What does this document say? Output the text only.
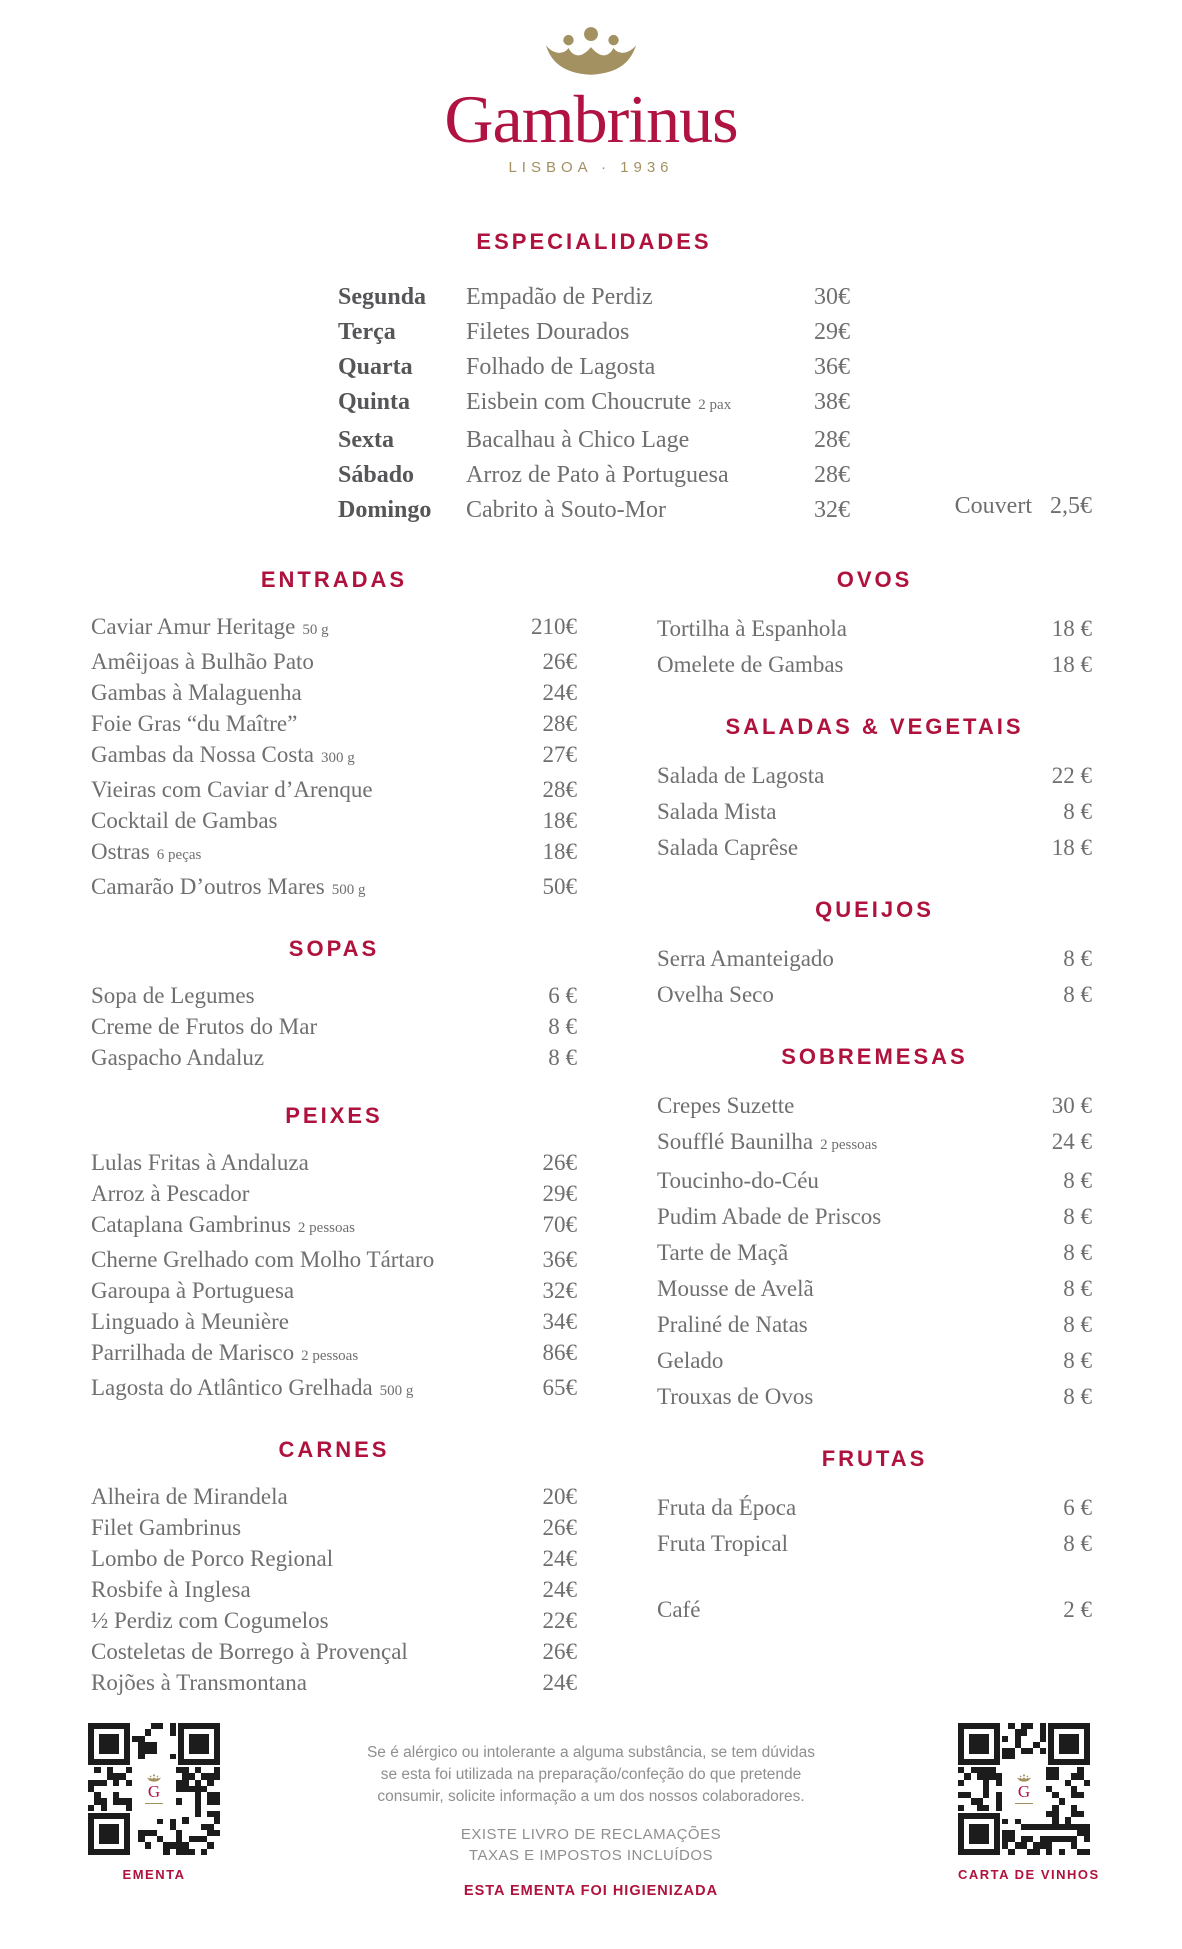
Gambrinus
LISBOA · 1936
ESPECIALIDADES
Segunda	Empadão de Perdiz	30€
Terça	Filetes Dourados	29€
Quarta	Folhado de Lagosta	36€
Quinta	Eisbein com Choucrute 2 pax	38€
Sexta	Bacalhau à Chico Lage	28€
Sábado	Arroz de Pato à Portuguesa	28€
Domingo	Cabrito à Souto-Mor	32€	Couvert 2,5€
ENTRADAS
Caviar Amur Heritage 50 g	210€
Amêijoas à Bulhão Pato	26€
Gambas à Malaguenha	24€
Foie Gras “du Maître”	28€
Gambas da Nossa Costa 300 g	27€
Vieiras com Caviar d’Arenque	28€
Cocktail de Gambas	18€
Ostras 6 peças	18€
Camarão D’outros Mares 500 g	50€
SOPAS
Sopa de Legumes	6 €
Creme de Frutos do Mar	8 €
Gaspacho Andaluz	8 €
PEIXES
Lulas Fritas à Andaluza	26€
Arroz à Pescador	29€
Cataplana Gambrinus 2 pessoas	70€
Cherne Grelhado com Molho Tártaro	36€
Garoupa à Portuguesa	32€
Linguado à Meunière	34€
Parrilhada de Marisco 2 pessoas	86€
Lagosta do Atlântico Grelhada 500 g	65€
CARNES
Alheira de Mirandela	20€
Filet Gambrinus	26€
Lombo de Porco Regional	24€
Rosbife à Inglesa	24€
½ Perdiz com Cogumelos	22€
Costeletas de Borrego à Provençal	26€
Rojões à Transmontana	24€
OVOS
Tortilha à Espanhola	18 €
Omelete de Gambas	18 €
SALADAS & VEGETAIS
Salada de Lagosta	22 €
Salada Mista	8 €
Salada Caprêse	18 €
QUEIJOS
Serra Amanteigado	8 €
Ovelha Seco	8 €
SOBREMESAS
Crepes Suzette	30 €
Soufflé Baunilha 2 pessoas	24 €
Toucinho-do-Céu	8 €
Pudim Abade de Priscos	8 €
Tarte de Maçã	8 €
Mousse de Avelã	8 €
Praliné de Natas	8 €
Gelado	8 €
Trouxas de Ovos	8 €
FRUTAS
Fruta da Época	6 €
Fruta Tropical	8 €
Café	2 €
Se é alérgico ou intolerante a alguma substância, se tem dúvidas
se esta foi utilizada na preparação/confeção do que pretende
consumir, solicite informação a um dos nossos colaboradores.
EXISTE LIVRO DE RECLAMAÇÕES
TAXAS E IMPOSTOS INCLUÍDOS
ESTA EMENTA FOI HIGIENIZADA
G
EMENTA
G
CARTA DE VINHOS
